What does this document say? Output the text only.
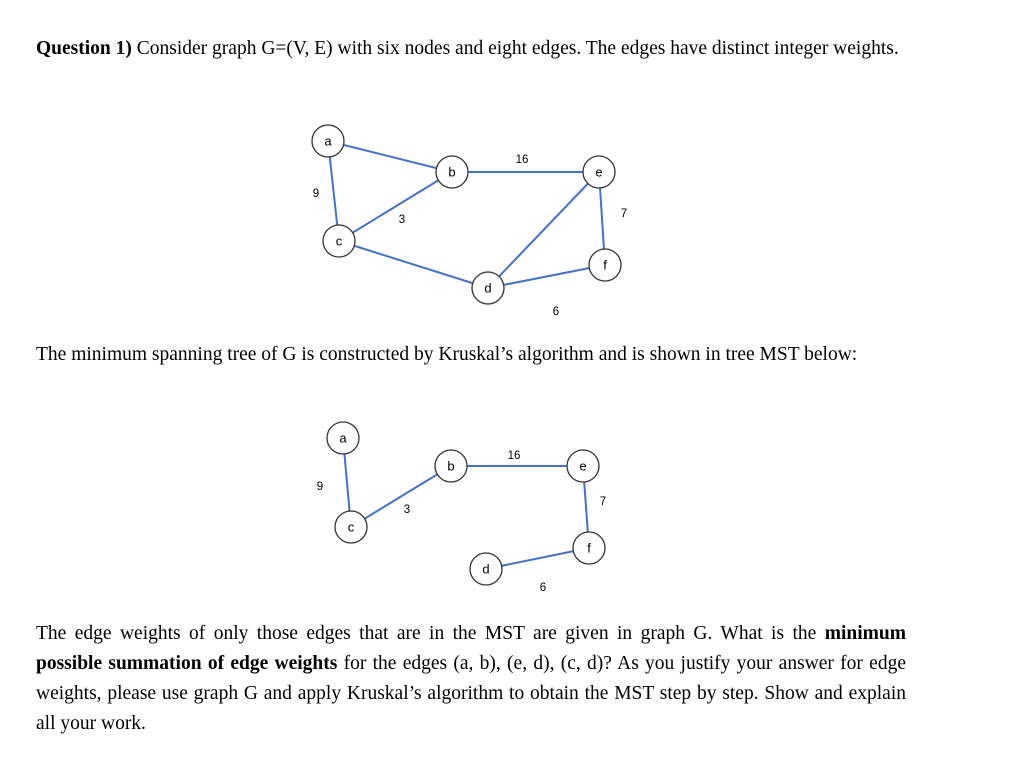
Question 1) Consider graph G=(V, E) with six nodes and eight edges. The edges have distinct integer weights.

9
3
16
7
6
a
b
c
d
e
f
9
3
16
7
6
a
b
c
d
e
f

The minimum spanning tree of G is constructed by Kruskal’s algorithm and is shown in tree MST below:

The edge weights of only those edges that are in the MST are given in graph G. What is the minimum possible summation of edge weights for the edges (a, b), (e, d), (c, d)? As you justify your answer for edge weights, please use graph G and apply Kruskal’s algorithm to obtain the MST step by step. Show and explain all your work.
